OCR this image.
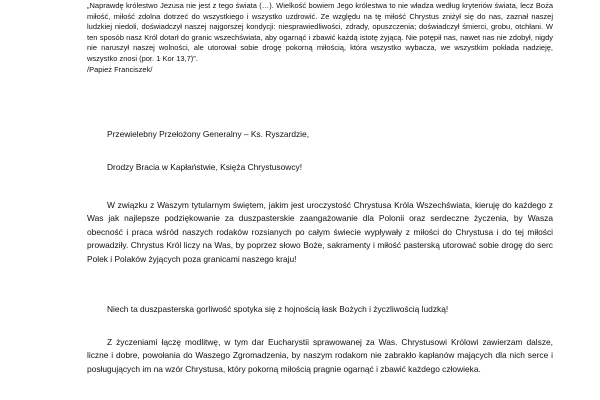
„Naprawdę królestwo Jezusa nie jest z tego świata (…). Wielkość bowiem Jego królestwa to nie władza według kryteriów świata, lecz Boża miłość, miłość zdolna dotrzeć do wszystkiego i wszystko uzdrowić. Ze względu na tę miłość Chrystus zniżył się do nas, zaznał naszej ludzkiej niedoli, doświadczył naszej najgorszej kondycji: niesprawiedliwości, zdrady, opuszczenia; doświadczył śmierci, grobu, otchłani. W ten sposób nasz Król dotarł do granic wszechświata, aby ogarnąć i zbawić każdą istotę żyjącą. Nie potępił nas, nawet nas nie zdobył, nigdy nie naruszył naszej wolności, ale utorował sobie drogę pokorną miłością, która wszystko wybacza, we wszystkim pokłada nadzieję, wszystko znosi (por. 1 Kor 13,7)”.
/Papież Franciszek/

Przewielebny Przełożony Generalny – Ks. Ryszardzie,

Drodzy Bracia w Kapłaństwie, Księża Chrystusowcy!

W związku z Waszym tytularnym świętem, jakim jest uroczystość Chrystusa Króla Wszechświata, kieruję do każdego z Was jak najlepsze podziękowanie za duszpasterskie zaangażowanie dla Polonii oraz serdeczne życzenia, by Wasza obecność i praca wśród naszych rodaków rozsianych po całym świecie wypływały z miłości do Chrystusa i do tej miłości prowadziły. Chrystus Król liczy na Was, by poprzez słowo Boże, sakramenty i miłość pasterską utorować sobie drogę do serc Polek i Polaków żyjących poza granicami naszego kraju!

Niech ta duszpasterska gorliwość spotyka się z hojnością łask Bożych i życzliwością ludzką!

Z życzeniami łączę modlitwę, w tym dar Eucharystii sprawowanej za Was. Chrystusowi Królowi zawierzam dalsze, liczne i dobre, powołania do Waszego Zgromadzenia, by naszym rodakom nie zabrakło kapłanów mających dla nich serce i posługujących im na wzór Chrystusa, który pokorną miłością pragnie ogarnąć i zbawić każdego człowieka.
